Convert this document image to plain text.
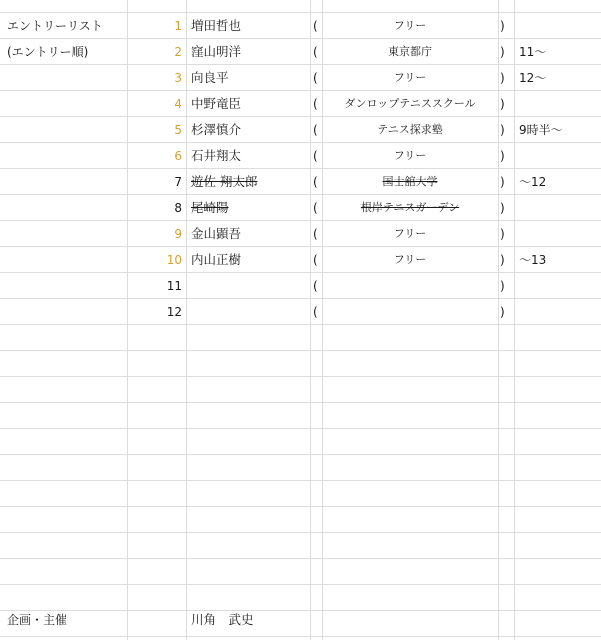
エントリーリスト
(エントリー順)
1 増田哲也	(	フリー	)
2 窪山明洋	(	東京都庁	)	11〜
3 向良平	(	フリー	)	12〜
4 中野竜臣	(	ダンロップテニススクール	)
5 杉澤慎介	(	テニス探求塾	)	9時半〜
6 石井翔太	(	フリー	)
7 遊佐 翔太郎	(	国士舘大学	)	〜12
8 尾崎陽	(	根岸テニスガーデン	)
9 金山顕吾	(	フリー	)
10 内山正樹	(	フリー	)	〜13
11	(	)
12	(	)
企画・主催	川角　武史
